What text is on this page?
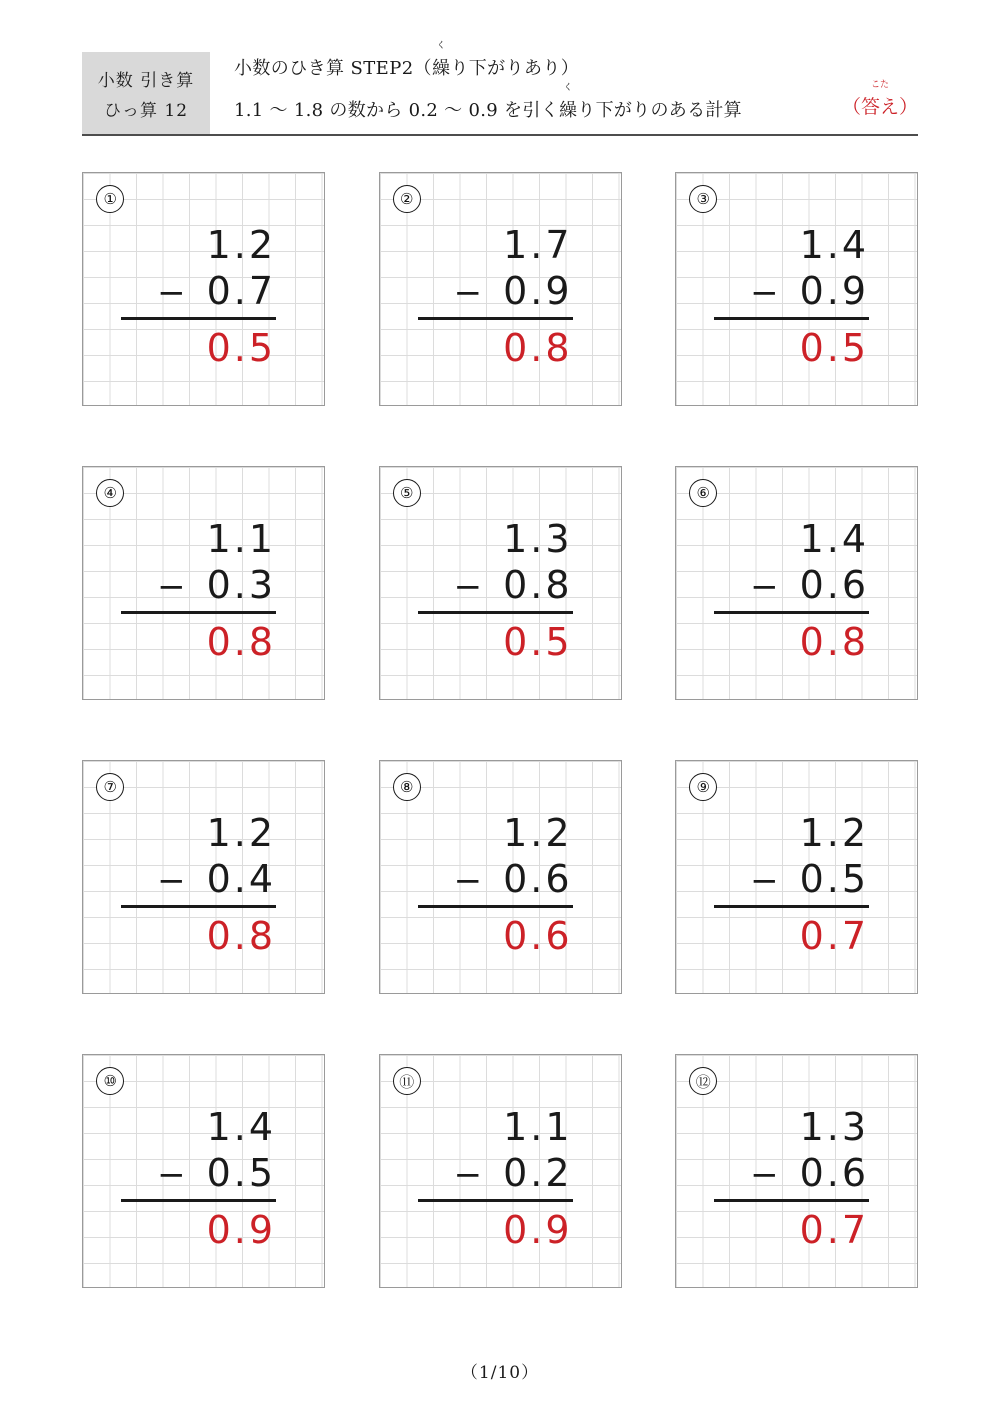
小数 引き算
ひっ算 12
小数のひき算 STEP2（
く
繰り下がりあり）
1.1 〜 1.8 の数から 0.2 〜 0.9 を引く
く
繰り下がりのある計算
こた
（答え）
①
1.2
− 0.7
0.5
②
1.7
− 0.9
0.8
③
1.4
− 0.9
0.5
④
1.1
− 0.3
0.8
⑤
1.3
− 0.8
0.5
⑥
1.4
− 0.6
0.8
⑦
1.2
− 0.4
0.8
⑧
1.2
− 0.6
0.6
⑨
1.2
− 0.5
0.7
⑩
1.4
− 0.5
0.9
⑪
1.1
− 0.2
0.9
⑫
1.3
− 0.6
0.7
（1/10）
